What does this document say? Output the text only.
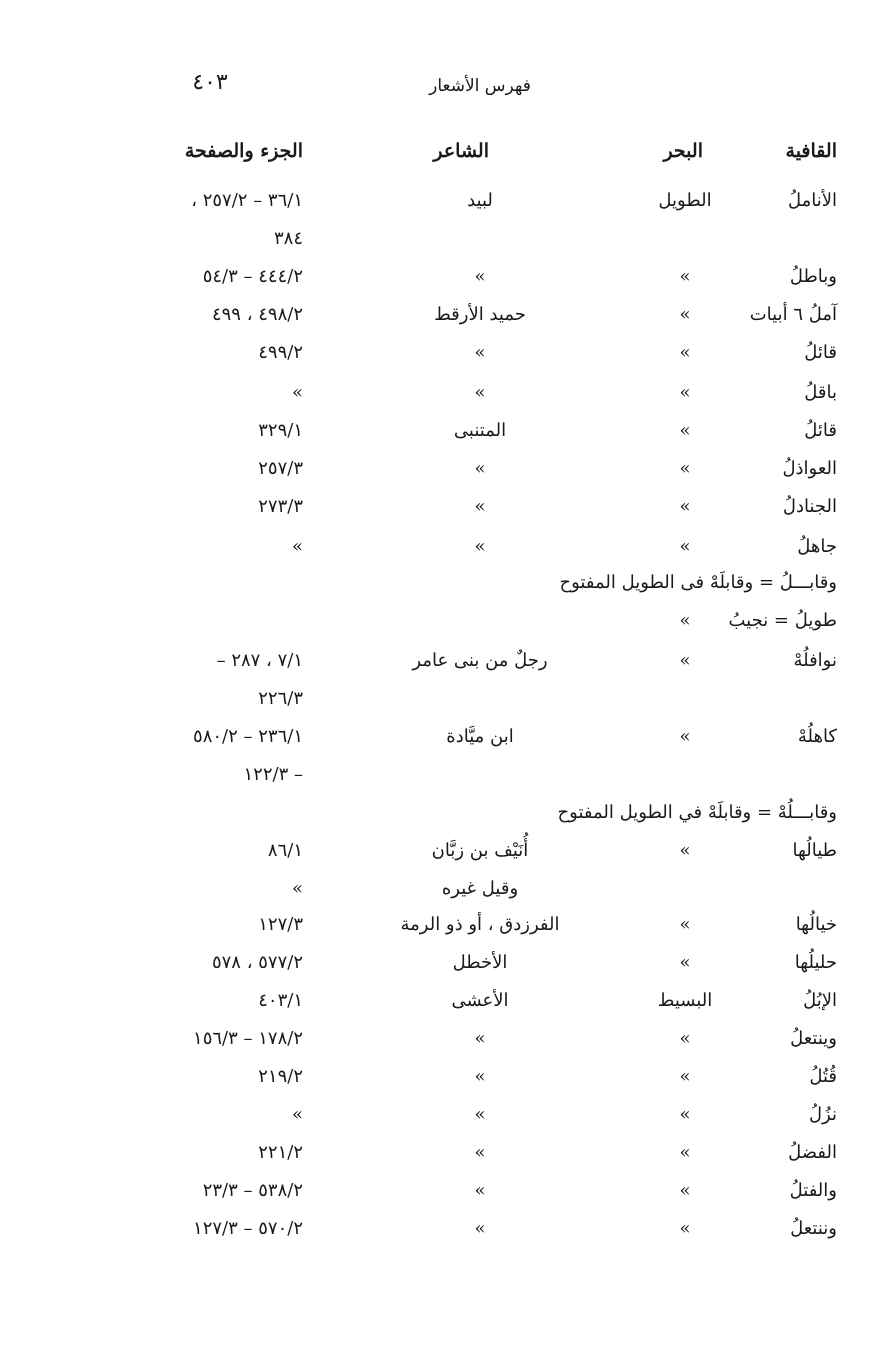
٤٠٣	فهرس الأشعار
القافية
البحر
الشاعر
الجزء والصفحة
الأناملُ
الطويل
لبيد
٣٦/١ – ٢٥٧/٢ ،
٣٨٤
وباطلُ
»
»
٤٤٤/٢ – ٥٤/٣
آملُ ٦ أبيات
»
حميد الأرقط
٤٩٨/٢ ، ٤٩٩
قائلُ
»
»
٤٩٩/٢
باقلُ
»
»
»
قائلُ
»
المتنبى
٣٢٩/١
العواذلُ
»
»
٢٥٧/٣
الجنادلُ
»
»
٢٧٣/٣
جاهلُ
»
»
»
وقابـــلُ = وقابلَهْ فى الطويل المفتوح
طويلُ = نجيبُ
»
نوافلُهْ
»
رجلٌ من بنى عامر
٧/١ ، ٢٨٧ –
٢٢٦/٣
كاهلُهْ
»
ابن ميَّادة
٢٣٦/١ – ٥٨٠/٢
– ١٢٢/٣
وقابـــلُهْ = وقابلَهْ في الطويل المفتوح
طيالُها
»
أُنَيْف بن زبَّان
٨٦/١
وقيل غيره
»
خيالُها
»
الفرزدق ، أو ذو الرمة
١٢٧/٣
حليلُها
»
الأخطل
٥٧٧/٢ ، ٥٧٨
الإبُلُ
البسيط
الأعشى
٤٠٣/١
وينتعلُ
»
»
١٧٨/٢ – ١٥٦/٣
قُتُلُ
»
»
٢١٩/٢
نزُلُ
»
»
»
الفضلُ
»
»
٢٢١/٢
والفتلُ
»
»
٥٣٨/٢ – ٢٣/٣
وننتعلُ
»
»
٥٧٠/٢ – ١٢٧/٣
